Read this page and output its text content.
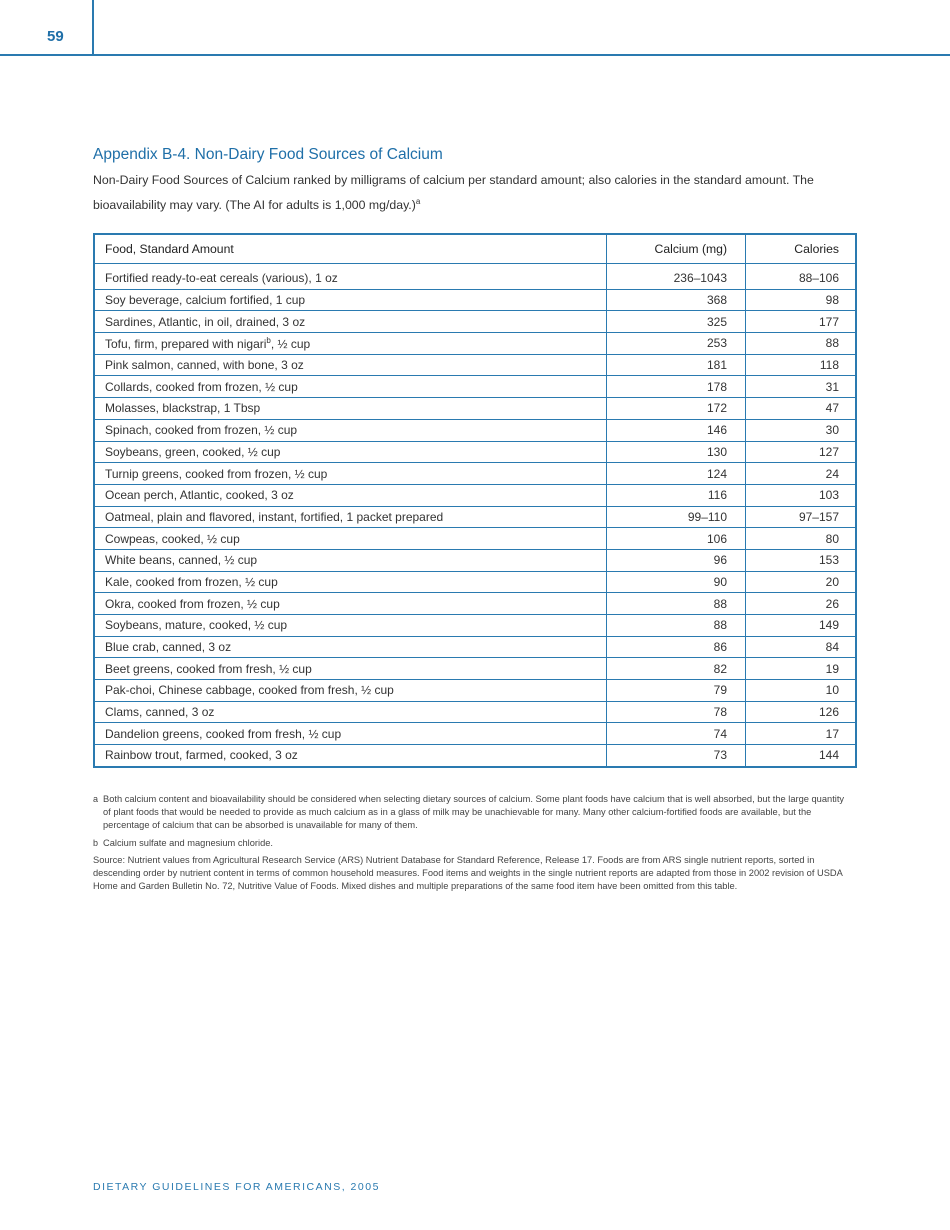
59
Appendix B-4. Non-Dairy Food Sources of Calcium
Non-Dairy Food Sources of Calcium ranked by milligrams of calcium per standard amount; also calories in the standard amount. The bioavailability may vary. (The AI for adults is 1,000 mg/day.)$^a$
Food, Standard Amount	Calcium (mg)	Calories

Fortified ready-to-eat cereals (various), 1 oz	236–1043	88–106
Soy beverage, calcium fortified, 1 cup	368	98
Sardines, Atlantic, in oil, drained, 3 oz	325	177
Tofu, firm, prepared with nigari$^b$, ½ cup	253	88
Pink salmon, canned, with bone, 3 oz	181	118
Collards, cooked from frozen, ½ cup	178	31
Molasses, blackstrap, 1 Tbsp	172	47
Spinach, cooked from frozen, ½ cup	146	30
Soybeans, green, cooked, ½ cup	130	127
Turnip greens, cooked from frozen, ½ cup	124	24
Ocean perch, Atlantic, cooked, 3 oz	116	103
Oatmeal, plain and flavored, instant, fortified, 1 packet prepared	99–110	97–157
Cowpeas, cooked, ½ cup	106	80
White beans, canned, ½ cup	96	153
Kale, cooked from frozen, ½ cup	90	20
Okra, cooked from frozen, ½ cup	88	26
Soybeans, mature, cooked, ½ cup	88	149
Blue crab, canned, 3 oz	86	84
Beet greens, cooked from fresh, ½ cup	82	19
Pak-choi, Chinese cabbage, cooked from fresh, ½ cup	79	10
Clams, canned, 3 oz	78	126
Dandelion greens, cooked from fresh, ½ cup	74	17
Rainbow trout, farmed, cooked, 3 oz	73	144
a Both calcium content and bioavailability should be considered when selecting dietary sources of calcium. Some plant foods have calcium that is well absorbed, but the large quantity of plant foods that would be needed to provide as much calcium as in a glass of milk may be unachievable for many. Many other calcium-fortified foods are available, but the percentage of calcium that can be absorbed is unavailable for many of them.
b Calcium sulfate and magnesium chloride.
Source: Nutrient values from Agricultural Research Service (ARS) Nutrient Database for Standard Reference, Release 17. Foods are from ARS single nutrient reports, sorted in descending order by nutrient content in terms of common household measures. Food items and weights in the single nutrient reports are adapted from those in 2002 revision of USDA Home and Garden Bulletin No. 72, Nutritive Value of Foods. Mixed dishes and multiple preparations of the same food item have been omitted from this table.
DIETARY GUIDELINES FOR AMERICANS, 2005
